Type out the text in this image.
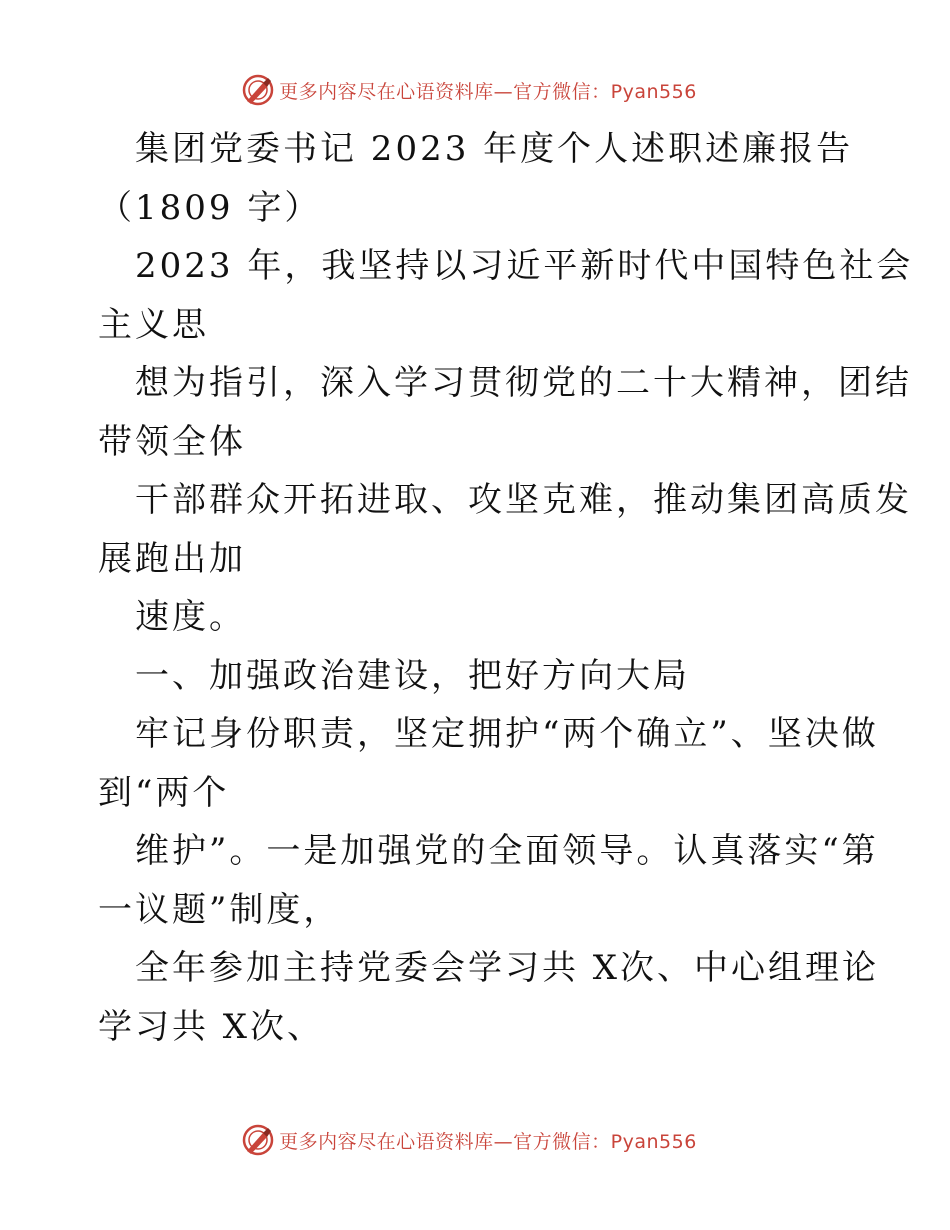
更多内容尽在心语资料库—官方微信：Pyan556
集团党委书记 2023 年度个人述职述廉报告
（1809 字）
2023 年，我坚持以习近平新时代中国特色社会
主义思
想为指引，深入学习贯彻党的二十大精神，团结
带领全体
干部群众开拓进取、攻坚克难，推动集团高质发
展跑出加
速度。
一、加强政治建设，把好方向大局
牢记身份职责，坚定拥护“两个确立”、坚决做
到“两个
维护”。一是加强党的全面领导。认真落实“第
一议题”制度，
全年参加主持党委会学习共 X次、中心组理论
学习共 X次、
更多内容尽在心语资料库—官方微信：Pyan556
